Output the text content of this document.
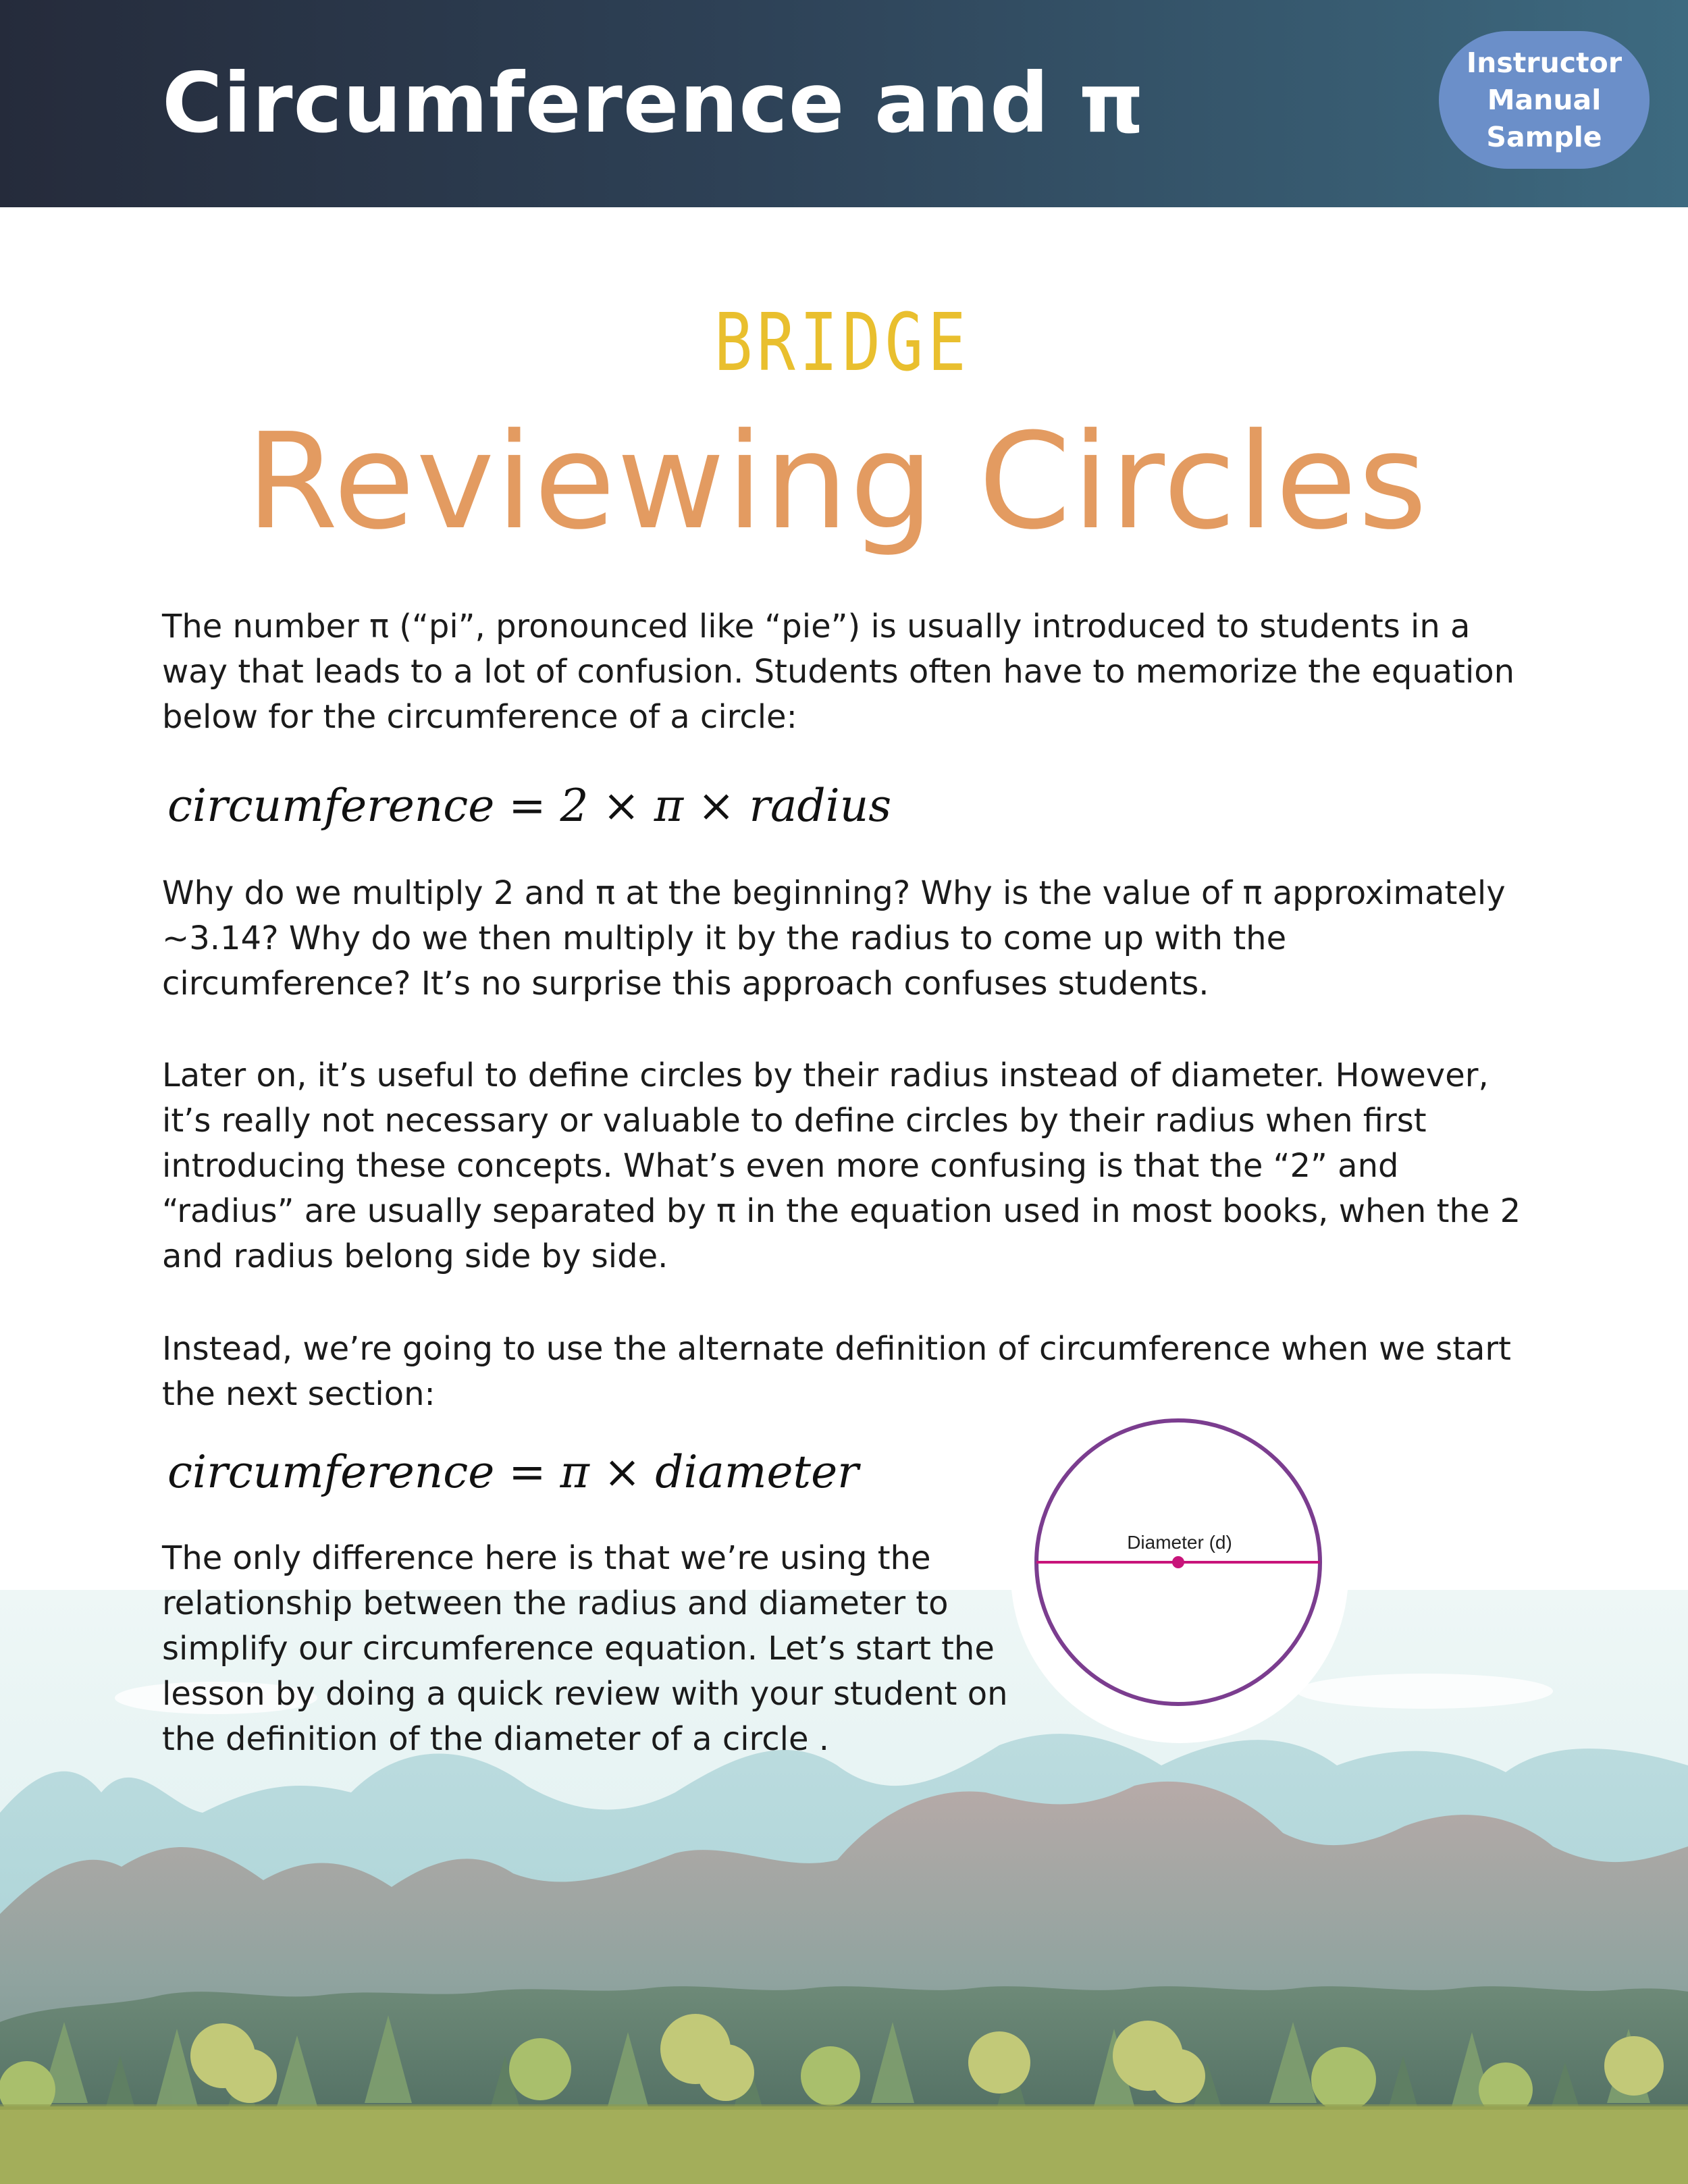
Circumference and π	Instructor
Manual
Sample
BRIDGE
Reviewing Circles

The number π (“pi”, pronounced like “pie”) is usually introduced to students in a way that leads to a lot of confusion. Students often have to memorize the equation below for the circumference of a circle:

circumference = 2 × π × radius

Why do we multiply 2 and π at the beginning? Why is the value of π approximately ~3.14? Why do we then multiply it by the radius to come up with the circumference? It’s no surprise this approach confuses students.

Later on, it’s useful to define circles by their radius instead of diameter. However, it’s really not necessary or valuable to define circles by their radius when first introducing these concepts. What’s even more confusing is that the “2” and “radius” are usually separated by π in the equation used in most books, when the 2 and radius belong side by side.

Instead, we’re going to use the alternate definition of circumference when we start the next section:

circumference = π × diameter

The only difference here is that we’re using the relationship between the radius and diameter to simplify our circumference equation. Let’s start the lesson by doing a quick review with your student on the definition of the diameter of a circle .

Diameter (d)
